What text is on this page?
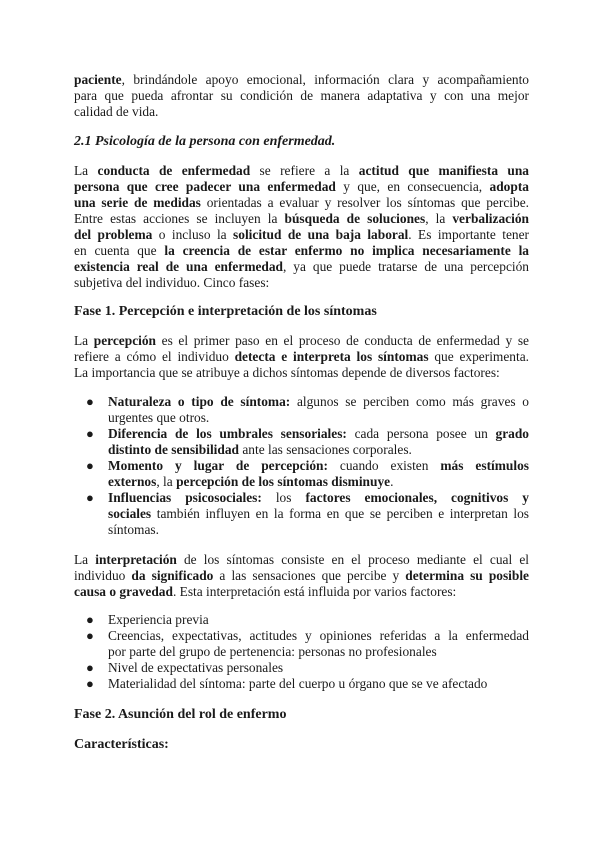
paciente, brindándole apoyo emocional, información clara y acompañamiento
para que pueda afrontar su condición de manera adaptativa y con una mejor
calidad de vida.
2.1 Psicología de la persona con enfermedad.
La conducta de enfermedad se refiere a la actitud que manifiesta una
persona que cree padecer una enfermedad y que, en consecuencia, adopta
una serie de medidas orientadas a evaluar y resolver los síntomas que percibe.
Entre estas acciones se incluyen la búsqueda de soluciones, la verbalización
del problema o incluso la solicitud de una baja laboral. Es importante tener
en cuenta que la creencia de estar enfermo no implica necesariamente la
existencia real de una enfermedad, ya que puede tratarse de una percepción
subjetiva del individuo. Cinco fases:
Fase 1. Percepción e interpretación de los síntomas
La percepción es el primer paso en el proceso de conducta de enfermedad y se
refiere a cómo el individuo detecta e interpreta los síntomas que experimenta.
La importancia que se atribuye a dichos síntomas depende de diversos factores:
● Naturaleza o tipo de síntoma: algunos se perciben como más graves o
urgentes que otros.
● Diferencia de los umbrales sensoriales: cada persona posee un grado
distinto de sensibilidad ante las sensaciones corporales.
● Momento y lugar de percepción: cuando existen más estímulos
externos, la percepción de los síntomas disminuye.
● Influencias psicosociales: los factores emocionales, cognitivos y
sociales también influyen en la forma en que se perciben e interpretan los
síntomas.
La interpretación de los síntomas consiste en el proceso mediante el cual el
individuo da significado a las sensaciones que percibe y determina su posible
causa o gravedad. Esta interpretación está influida por varios factores:
● Experiencia previa
● Creencias, expectativas, actitudes y opiniones referidas a la enfermedad
por parte del grupo de pertenencia: personas no profesionales
● Nivel de expectativas personales
● Materialidad del síntoma: parte del cuerpo u órgano que se ve afectado
Fase 2. Asunción del rol de enfermo
Características:
